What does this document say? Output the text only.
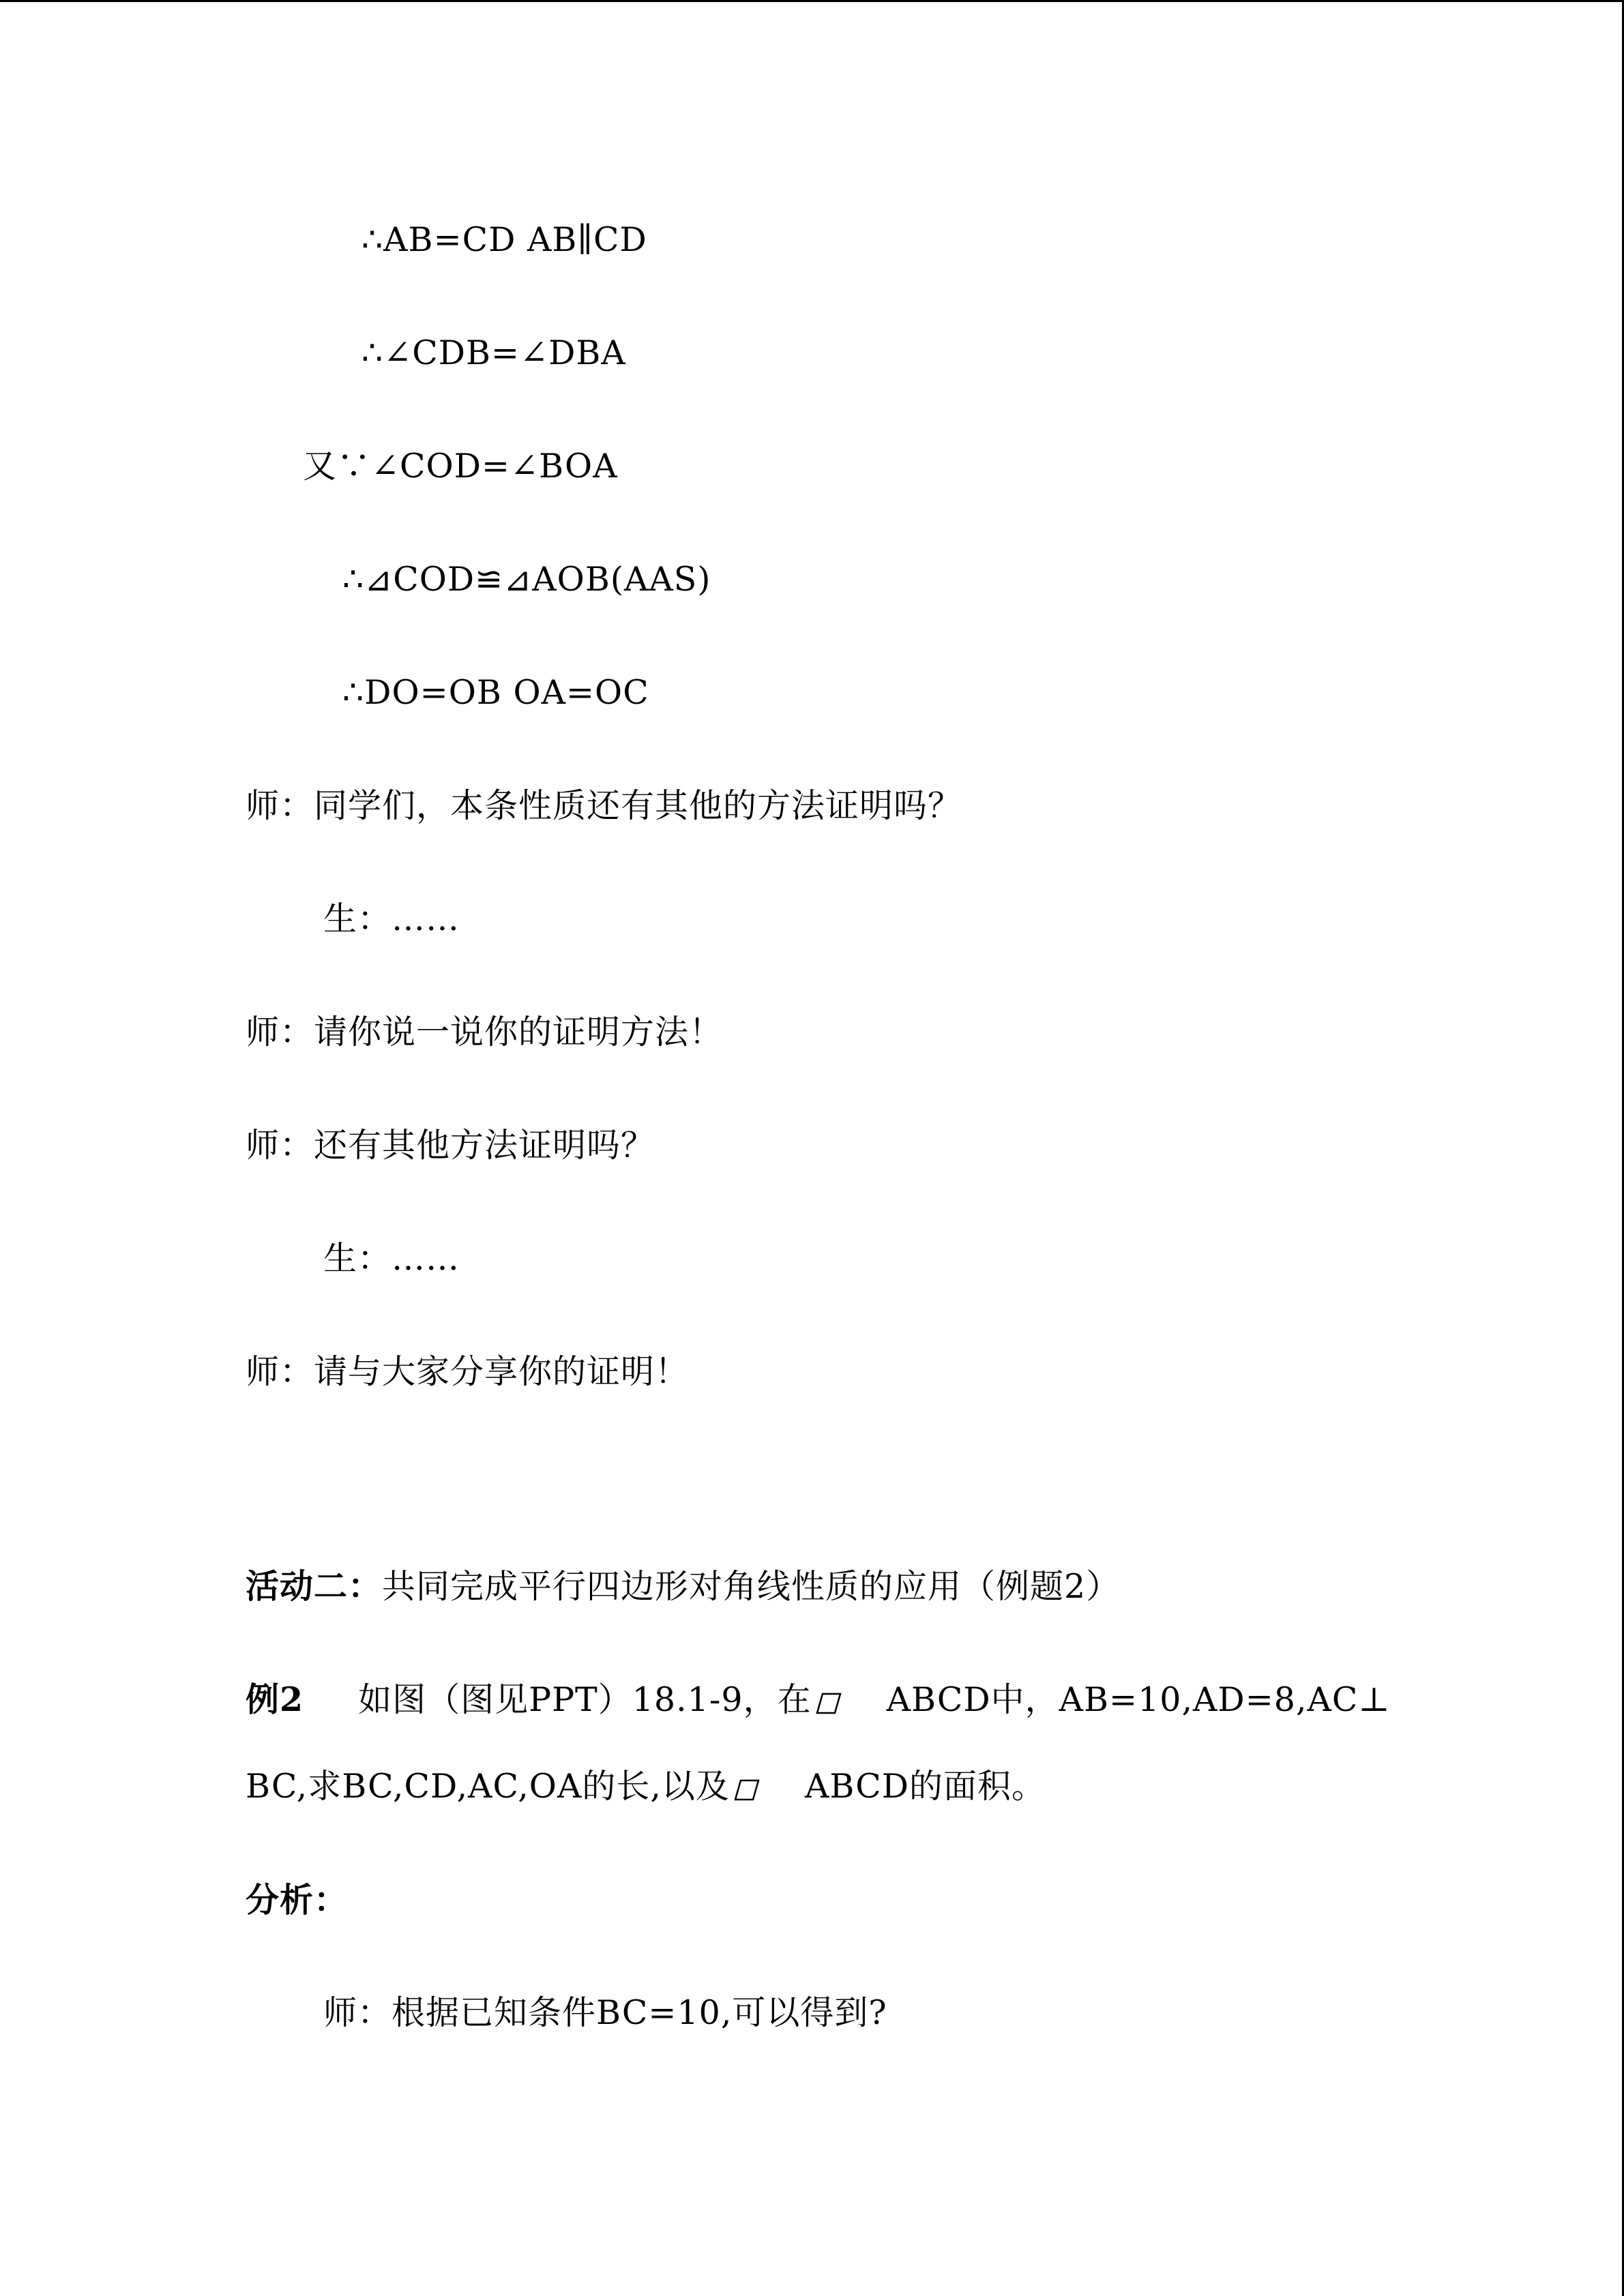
∴AB=CD AB∥CD
∴∠CDB=∠DBA
又∵∠COD=∠BOA
∴⊿COD≌⊿AOB(AAS)
∴DO=OB OA=OC
师：同学们，本条性质还有其他的方法证明吗？
生：……
师：请你说一说你的证明方法！
师：还有其他方法证明吗？
生：……
师：请与大家分享你的证明！
活动二：共同完成平行四边形对角线性质的应用（例题2）
例2 如图（图见PPT）18.1-9，在 ABCD中，AB=10,AD=8,AC⊥
BC,求BC,CD,AC,OA的长,以及 ABCD的面积。
分析：
师：根据已知条件BC=10,可以得到?
